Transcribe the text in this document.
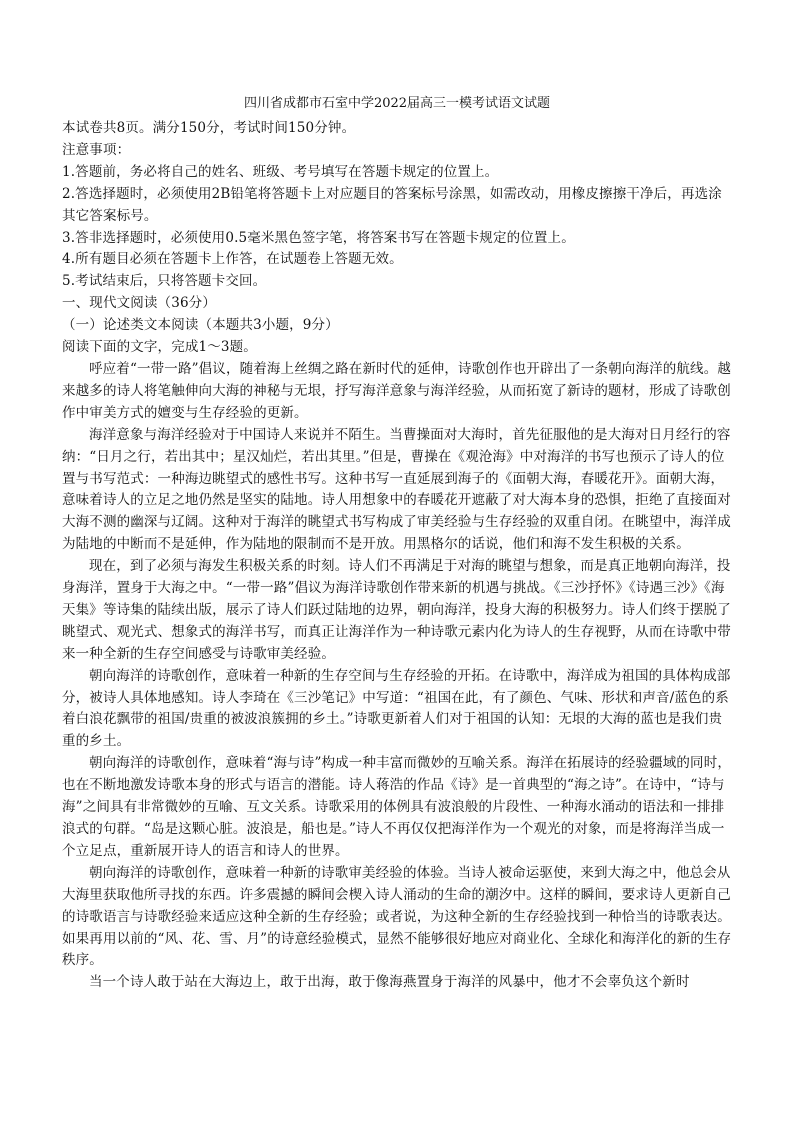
四川省成都市石室中学2022届高三一模考试语文试题

本试卷共8页。满分150分，考试时间150分钟。

注意事项：

1.答题前，务必将自己的姓名、班级、考号填写在答题卡规定的位置上。

2.答选择题时，必须使用2B铅笔将答题卡上对应题目的答案标号涂黑，如需改动，用橡皮擦擦干净后，再选涂其它答案标号。

3.答非选择题时，必须使用0.5毫米黑色签字笔，将答案书写在答题卡规定的位置上。

4.所有题目必须在答题卡上作答，在试题卷上答题无效。

5.考试结束后，只将答题卡交回。

一、现代文阅读（36分）

（一）论述类文本阅读（本题共3小题，9分）

阅读下面的文字，完成1～3题。

呼应着“一带一路”倡议，随着海上丝绸之路在新时代的延伸，诗歌创作也开辟出了一条朝向海洋的航线。越来越多的诗人将笔触伸向大海的神秘与无垠，抒写海洋意象与海洋经验，从而拓宽了新诗的题材，形成了诗歌创作中审美方式的嬗变与生存经验的更新。

海洋意象与海洋经验对于中国诗人来说并不陌生。当曹操面对大海时，首先征服他的是大海对日月经行的容纳：“日月之行，若出其中；星汉灿烂，若出其里。”但是，曹操在《观沧海》中对海洋的书写也预示了诗人的位置与书写范式：一种海边眺望式的感性书写。这种书写一直延展到海子的《面朝大海，春暖花开》。面朝大海，意味着诗人的立足之地仍然是坚实的陆地。诗人用想象中的春暖花开遮蔽了对大海本身的恐惧，拒绝了直接面对大海不测的幽深与辽阔。这种对于海洋的眺望式书写构成了审美经验与生存经验的双重自闭。在眺望中，海洋成为陆地的中断而不是延伸，作为陆地的限制而不是开放。用黑格尔的话说，他们和海不发生积极的关系。

现在，到了必须与海发生积极关系的时刻。诗人们不再满足于对海的眺望与想象，而是真正地朝向海洋，投身海洋，置身于大海之中。“一带一路”倡议为海洋诗歌创作带来新的机遇与挑战。《三沙抒怀》《诗遇三沙》《海天集》等诗集的陆续出版，展示了诗人们跃过陆地的边界，朝向海洋，投身大海的积极努力。诗人们终于摆脱了眺望式、观光式、想象式的海洋书写，而真正让海洋作为一种诗歌元素内化为诗人的生存视野，从而在诗歌中带来一种全新的生存空间感受与诗歌审美经验。

朝向海洋的诗歌创作，意味着一种新的生存空间与生存经验的开拓。在诗歌中，海洋成为祖国的具体构成部分，被诗人具体地感知。诗人李琦在《三沙笔记》中写道：“祖国在此，有了颜色、气味、形状和声音/蓝色的系着白浪花飘带的祖国/贵重的被波浪簇拥的乡土。”诗歌更新着人们对于祖国的认知：无垠的大海的蓝也是我们贵重的乡土。

朝向海洋的诗歌创作，意味着“海与诗”构成一种丰富而微妙的互喻关系。海洋在拓展诗的经验疆域的同时，也在不断地激发诗歌本身的形式与语言的潜能。诗人蒋浩的作品《诗》是一首典型的“海之诗”。在诗中，“诗与海”之间具有非常微妙的互喻、互文关系。诗歌采用的体例具有波浪般的片段性、一种海水涌动的语法和一排排浪式的句群。“岛是这颗心脏。波浪是，船也是。”诗人不再仅仅把海洋作为一个观光的对象，而是将海洋当成一个立足点，重新展开诗人的语言和诗人的世界。

朝向海洋的诗歌创作，意味着一种新的诗歌审美经验的体验。当诗人被命运驱使，来到大海之中，他总会从大海里获取他所寻找的东西。许多震撼的瞬间会楔入诗人涌动的生命的潮汐中。这样的瞬间，要求诗人更新自己的诗歌语言与诗歌经验来适应这种全新的生存经验；或者说，为这种全新的生存经验找到一种恰当的诗歌表达。如果再用以前的“风、花、雪、月”的诗意经验模式，显然不能够很好地应对商业化、全球化和海洋化的新的生存秩序。

当一个诗人敢于站在大海边上，敢于出海，敢于像海燕置身于海洋的风暴中，他才不会辜负这个新时
